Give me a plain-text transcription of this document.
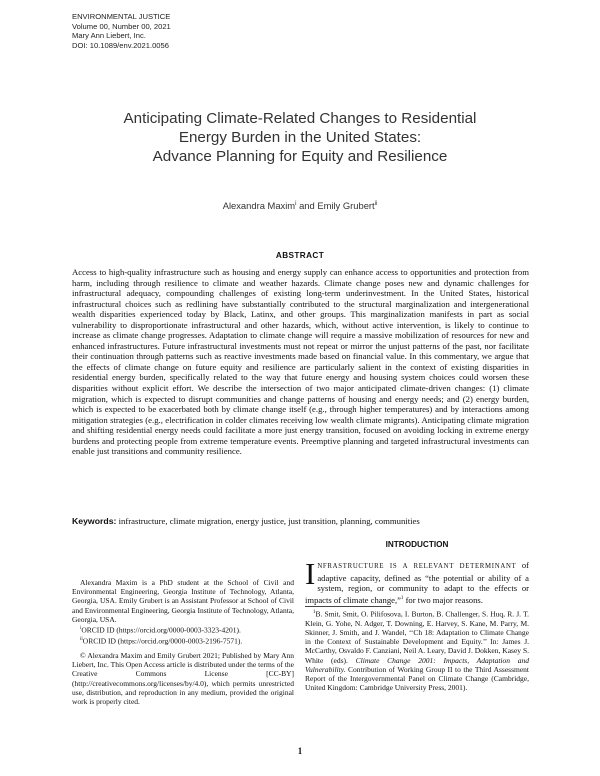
ENVIRONMENTAL JUSTICE
Volume 00, Number 00, 2021
Mary Ann Liebert, Inc.
DOI: 10.1089/env.2021.0056
Anticipating Climate-Related Changes to Residential
Energy Burden in the United States:
Advance Planning for Equity and Resilience
Alexandra Maxim$^i$ and Emily Grubert$^{ii}$
ABSTRACT

Access to high-quality infrastructure such as housing and energy supply can enhance access to opportunities and protection from harm, including through resilience to climate and weather hazards. Climate change poses new and dynamic challenges for infrastructural adequacy, compounding challenges of existing long-term underinvestment. In the United States, historical infrastructural choices such as redlining have substantially contributed to the structural marginalization and intergenerational wealth disparities experienced today by Black, Latinx, and other groups. This marginalization manifests in part as social vulnerability to disproportionate infrastructural and other hazards, which, without active intervention, is likely to continue to increase as climate change progresses. Adaptation to climate change will require a massive mobilization of resources for new and enhanced infrastructures. Future infrastructural investments must not repeat or mirror the unjust patterns of the past, nor facilitate their continuation through patterns such as reactive investments made based on financial value. In this commentary, we argue that the effects of climate change on future equity and resilience are particularly salient in the context of existing disparities in residential energy burden, specifically related to the way that future energy and housing system choices could worsen these disparities without explicit effort. We describe the intersection of two major anticipated climate-driven changes: (1) climate migration, which is expected to disrupt communities and change patterns of housing and energy needs; and (2) energy burden, which is expected to be exacerbated both by climate change itself (e.g., through higher temperatures) and by interactions among mitigation strategies (e.g., electrification in colder climates receiving low wealth climate migrants). Anticipating climate migration and shifting residential energy needs could facilitate a more just energy transition, focused on avoiding locking in extreme energy burdens and protecting people from extreme temperature events. Preemptive planning and targeted infrastructural investments can enable just transitions and community resilience.

Keywords: infrastructure, climate migration, energy justice, just transition, planning, communities

INTRODUCTION

INFRASTRUCTURE IS A RELEVANT DETERMINANT of adaptive capacity, defined as “the potential or ability of a system, region, or community to adapt to the effects or impacts of climate change,”$^1$ for two major reasons.

$^1$B. Smit, Smit, O. Pilifosova, I. Burton, B. Challenger, S. Huq, R. J. T. Klein, G. Yohe, N. Adger, T. Downing, E. Harvey, S. Kane, M. Parry, M. Skinner, J. Smith, and J. Wandel, ‘‘Ch 18: Adaptation to Climate Change in the Context of Sustainable Development and Equity.’’ In: James J. McCarthy, Osvaldo F. Canziani, Neil A. Leary, David J. Dokken, Kasey S. White (eds). Climate Change 2001: Impacts, Adaptation and Vulnerability. Contribution of Working Group II to the Third Assessment Report of the Intergovernmental Panel on Climate Change (Cambridge, United Kingdom: Cambridge University Press, 2001).

Alexandra Maxim is a PhD student at the School of Civil and Environmental Engineering, Georgia Institute of Technology, Atlanta, Georgia, USA. Emily Grubert is an Assistant Professor at School of Civil and Environmental Engineering, Georgia Institute of Technology, Atlanta, Georgia, USA.

$^i$ORCID ID (https://orcid.org/0000-0003-3323-4201).

$^{ii}$ORCID ID (https://orcid.org/0000-0003-2196-7571).

© Alexandra Maxim and Emily Grubert 2021; Published by Mary Ann Liebert, Inc. This Open Access article is distributed under the terms of the Creative Commons License [CC-BY] (http://creativecommons.org/licenses/by/4.0), which permits unrestricted use, distribution, and reproduction in any medium, provided the original work is properly cited.

1
